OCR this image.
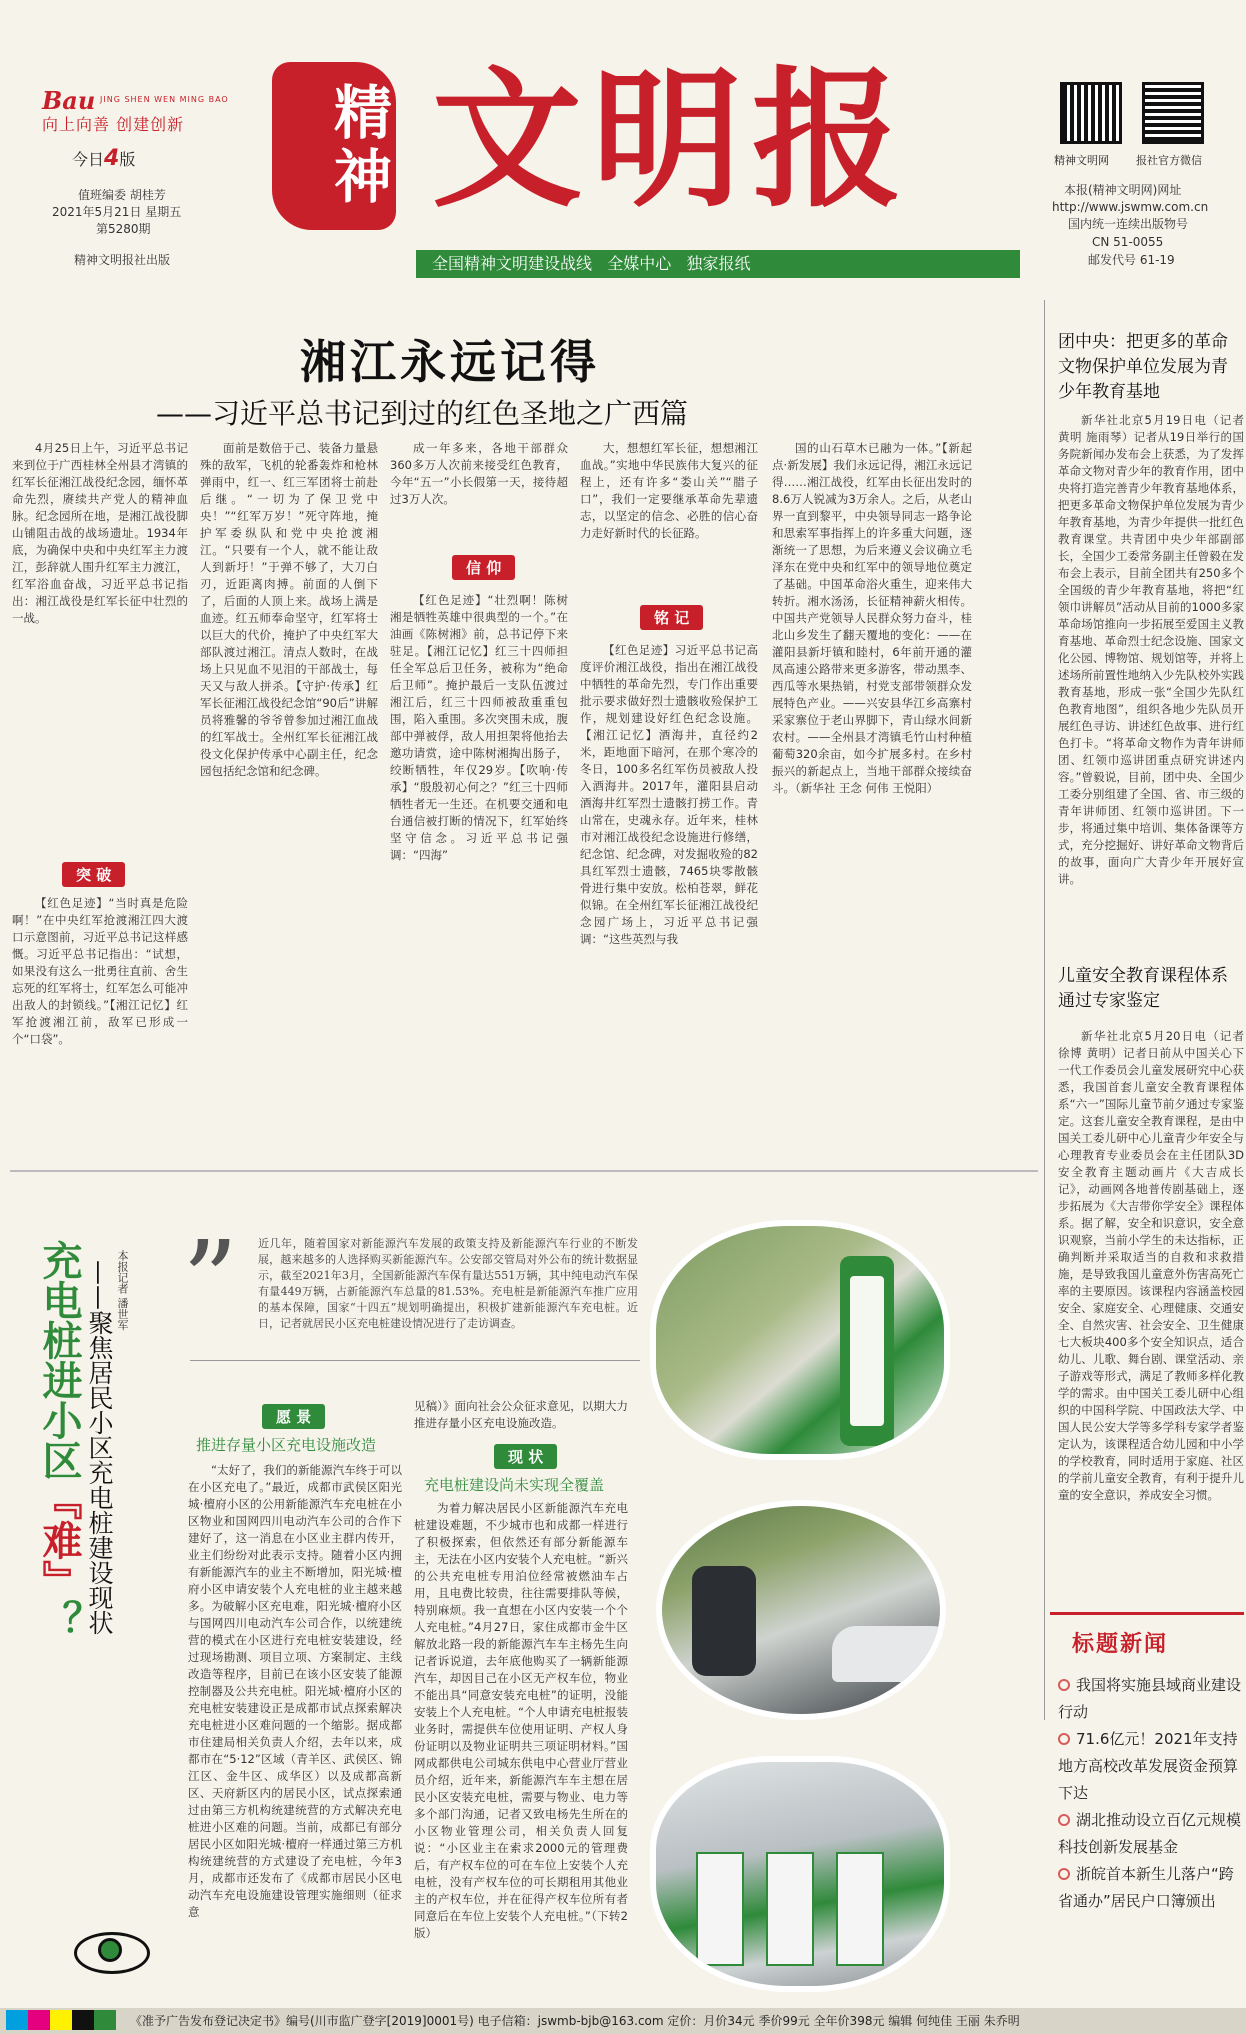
Bau JING SHEN WEN MING BAO
向上向善 创建创新
今日4版
值班编委 胡桂芳
2021年5月21日 星期五
第5280期
精神文明报社出版
精神 文明报	精神文明网 报社官方微信
本报(精神文明网)网址
http://www.jswmw.com.cn
国内统一连续出版物号
CN 51-0055
邮发代号 61-19
全国精神文明建设战线   全媒中心   独家报纸
湘江永远记得
——习近平总书记到过的红色圣地之广西篇

4月25日上午，习近平总书记来到位于广西桂林全州县才湾镇的红军长征湘江战役纪念园，缅怀革命先烈，赓续共产党人的精神血脉。纪念园所在地，是湘江战役脚山铺阻击战的战场遗址。1934年底，为确保中央和中央红军主力渡江，彭辞就人围升红军主力渡江，红军浴血奋战，习近平总书记指出：湘江战役是红军长征中壮烈的一战。

突 破

【红色足迹】“当时真是危险啊！”在中央红军抢渡湘江四大渡口示意图前，习近平总书记这样感慨。习近平总书记指出：“试想，如果没有这么一批勇往直前、舍生忘死的红军将士，红军怎么可能冲出敌人的封锁线。”【湘江记忆】红军抢渡湘江前，敌军已形成一个“口袋”。

面前是数倍于己、装备力量悬殊的敌军，飞机的轮番轰炸和枪林弹雨中，红一、红三军团将士前赴后继。“一切为了保卫党中央！”“红军万岁！”死守阵地，掩护军委纵队和党中央抢渡湘江。“只要有一个人，就不能让敌人到新圩！”于弹不够了，大刀白刃，近距离肉搏。前面的人倒下了，后面的人顶上来。战场上满是血迹。红五师奉命坚守，红军将士以巨大的代价，掩护了中央红军大部队渡过湘江。清点人数时，在战场上只见血不见泪的干部战士，每天又与敌人拼杀。【守护·传承】红军长征湘江战役纪念馆“90后”讲解员将雅馨的爷爷曾参加过湘江血战的红军战士。全州红军长征湘江战役文化保护传承中心副主任，纪念园包括纪念馆和纪念碑。

成一年多来，各地干部群众360多万人次前来接受红色教育，今年“五一”小长假第一天，接待超过3万人次。

信 仰

【红色足迹】“壮烈啊！陈树湘是牺牲英雄中很典型的一个。”在油画《陈树湘》前，总书记停下来驻足。【湘江记忆】红三十四师担任全军总后卫任务，被称为“绝命后卫师”。掩护最后一支队伍渡过湘江后，红三十四师被敌重重包围，陷入重围。多次突围未成，腹部中弹被俘，敌人用担架将他抬去邀功请赏，途中陈树湘掏出肠子，绞断牺牲，年仅29岁。【吹响·传承】“殷殷初心何之？”红三十四师牺牲者无一生还。在机要交通和电台通信被打断的情况下，红军始终坚守信念。习近平总书记强调：“四海”

大，想想红军长征，想想湘江血战。”实地中华民族伟大复兴的征程上，还有许多“娄山关”“腊子口”，我们一定要继承革命先辈遗志，以坚定的信念、必胜的信心奋力走好新时代的长征路。

铭 记

【红色足迹】习近平总书记高度评价湘江战役，指出在湘江战役中牺牲的革命先烈，专门作出重要批示要求做好烈士遗骸收殓保护工作，规划建设好红色纪念设施。【湘江记忆】酒海井，直径约2米，距地面下暗河，在那个寒冷的冬日，100多名红军伤员被敌人投入酒海井。2017年，灌阳县启动酒海井红军烈士遗骸打捞工作。青山常在，史魂永存。近年来，桂林市对湘江战役纪念设施进行修缮，纪念馆、纪念碑，对发掘收殓的82具红军烈士遗骸，7465块零散骸骨进行集中安放。松柏苍翠，鲜花似锦。在全州红军长征湘江战役纪念园广场上，习近平总书记强调：“这些英烈与我

国的山石草木已融为一体。”【新起点·新发展】我们永远记得，湘江永远记得……湘江战役，红军由长征出发时的8.6万人锐减为3万余人。之后，从老山界一直到黎平，中央领导同志一路争论和思索军事指挥上的许多重大问题，逐渐统一了思想，为后来遵义会议确立毛泽东在党中央和红军中的领导地位奠定了基础。中国革命浴火重生，迎来伟大转折。湘水汤汤，长征精神薪火相传。中国共产党领导人民群众努力奋斗，桂北山乡发生了翻天覆地的变化：——在灌阳县新圩镇和睦村，6年前开通的灌凤高速公路带来更多游客，带动黑李、西瓜等水果热销，村党支部带领群众发展特色产业。——兴安县华江乡高寨村采家寨位于老山界脚下，青山绿水间新农村。——全州县才湾镇毛竹山村种植葡萄320余亩，如今扩展多村。在乡村振兴的新起点上，当地干部群众接续奋斗。（新华社 王念 何伟 王悦阳）

团中央：把更多的革命文物保护单位发展为青少年教育基地

新华社北京5月19日电（记者 黄明 施雨琴）记者从19日举行的国务院新闻办发布会上获悉，为了发挥革命文物对青少年的教育作用，团中央将打造完善青少年教育基地体系，把更多革命文物保护单位发展为青少年教育基地，为青少年提供一批红色教育课堂。共青团中央少年部副部长，全国少工委常务副主任曾毅在发布会上表示，目前全团共有250多个全国级的青少年教育基地，将把“红领巾讲解员”活动从目前的1000多家革命场馆推向一步拓展至爱国主义教育基地、革命烈士纪念设施、国家文化公园、博物馆、规划馆等，并将上述场所前置性地纳入少先队校外实践教育基地，形成一张“全国少先队红色教育地图”，组织各地少先队员开展红色寻访、讲述红色故事、进行红色打卡。“将革命文物作为青年讲师团、红领巾巡讲团重点研究讲述内容。”曾毅说，目前，团中央、全国少工委分别组建了全国、省、市三级的青年讲师团、红领巾巡讲团。下一步，将通过集中培训、集体备课等方式，充分挖掘好、讲好革命文物背后的故事，面向广大青少年开展好宣讲。

儿童安全教育课程体系通过专家鉴定

新华社北京5月20日电（记者 徐博 黄明）记者日前从中国关心下一代工作委员会儿童发展研究中心获悉，我国首套儿童安全教育课程体系“六一”国际儿童节前夕通过专家鉴定。这套儿童安全教育课程，是由中国关工委儿研中心儿童青少年安全与心理教育专业委员会在主任团队3D安全教育主题动画片《大吉成长记》，动画网各地普传剧基础上，逐步拓展为《大吉带你学安全》课程体系。据了解，安全和识意识，安全意识观察，当前小学生的未达指标，正确判断并采取适当的自救和求救措施，是导致我国儿童意外伤害高死亡率的主要原因。该课程内容涵盖校园安全、家庭安全、心理健康、交通安全、自然灾害、社会安全、卫生健康七大板块400多个安全知识点，适合幼儿、儿歌、舞台剧、课堂活动、亲子游戏等形式，满足了教师多样化教学的需求。由中国关工委儿研中心组织的中国科学院、中国政法大学、中国人民公安大学等多学科专家学者鉴定认为，该课程适合幼儿园和中小学的学校教育，同时适用于家庭、社区的学前儿童安全教育，有利于提升儿童的安全意识，养成安全习惯。

标题新闻
我国将实施县域商业建设行动
71.6亿元！2021年支持地方高校改革发展资金预算下达
湖北推动设立百亿元规模科技创新发展基金
浙皖首本新生儿落户“跨省通办”居民户口簿颁出
充电桩进小区『难』？ ——聚焦居民小区充电桩建设现状 本报记者 潘世军 ” 近几年，随着国家对新能源汽车发展的政策支持及新能源汽车行业的不断发展，越来越多的人选择购买新能源汽车。公安部交管局对外公布的统计数据显示，截至2021年3月，全国新能源汽车保有量达551万辆，其中纯电动汽车保有量449万辆，占新能源汽车总量的81.53%。充电桩是新能源汽车推广应用的基本保障，国家“十四五”规划明确提出，积极扩建新能源汽车充电桩。近日，记者就居民小区充电桩建设情况进行了走访调查。
愿 景
推进存量小区充电设施改造

“太好了，我们的新能源汽车终于可以在小区充电了。”最近，成都市武侯区阳光城·檀府小区的公用新能源汽车充电桩在小区物业和国网四川电动汽车公司的合作下建好了，这一消息在小区业主群内传开，业主们纷纷对此表示支持。随着小区内拥有新能源汽车的业主不断增加，阳光城·檀府小区申请安装个人充电桩的业主越来越多。为破解小区充电难，阳光城·檀府小区与国网四川电动汽车公司合作，以统建统营的模式在小区进行充电桩安装建设，经过现场勘测、项目立项、方案制定、主线改造等程序，目前已在该小区安装了能源控制器及公共充电桩。阳光城·檀府小区的充电桩安装建设正是成都市试点探索解决充电桩进小区难问题的一个缩影。据成都市住建局相关负责人介绍，去年以来，成都市在“5·12”区域（青羊区、武侯区、锦江区、金牛区、成华区）以及成都高新区、天府新区内的居民小区，试点探索通过由第三方机构统建统营的方式解决充电桩进小区难的问题。当前，成都已有部分居民小区如阳光城·檀府一样通过第三方机构统建统营的方式建设了充电桩，今年3月，成都市还发布了《成都市居民小区电动汽车充电设施建设管理实施细则（征求意

见稿）》面向社会公众征求意见，以期大力推进存量小区充电设施改造。

现 状
充电桩建设尚未实现全覆盖

为着力解决居民小区新能源汽车充电桩建设难题，不少城市也和成都一样进行了积极探索，但依然还有部分新能源车主，无法在小区内安装个人充电桩。“新兴的公共充电桩专用泊位经常被燃油车占用，且电费比较贵，往往需要排队等候，特别麻烦。我一直想在小区内安装一个个人充电桩。”4月27日，家住成都市金牛区解放北路一段的新能源汽车车主杨先生向记者诉说道，去年底他购买了一辆新能源汽车，却因目己在小区无产权车位，物业不能出具“同意安装充电桩”的证明，没能安装上个人充电桩。“个人申请充电桩报装业务时，需提供车位使用证明、产权人身份证明以及物业证明共三项证明材料。”国网成都供电公司城东供电中心营业厅营业员介绍，近年来，新能源汽车车主想在居民小区安装充电桩，需要与物业、电力等多个部门沟通，记者又致电杨先生所在的小区物业管理公司，相关负责人回复说：“小区业主在索求2000元的管理费后，有产权车位的可在车位上安装个人充电桩，没有产权车位的可长期租用其他业主的产权车位，并在征得产权车位所有者同意后在车位上安装个人充电桩。”（下转2版）

《准予广告发布登记决定书》编号(川市监广登字[2019]0001号) 电子信箱：jswmb-bjb@163.com 定价：月价34元 季价99元 全年价398元 编辑 何纯佳 王丽 朱乔明
